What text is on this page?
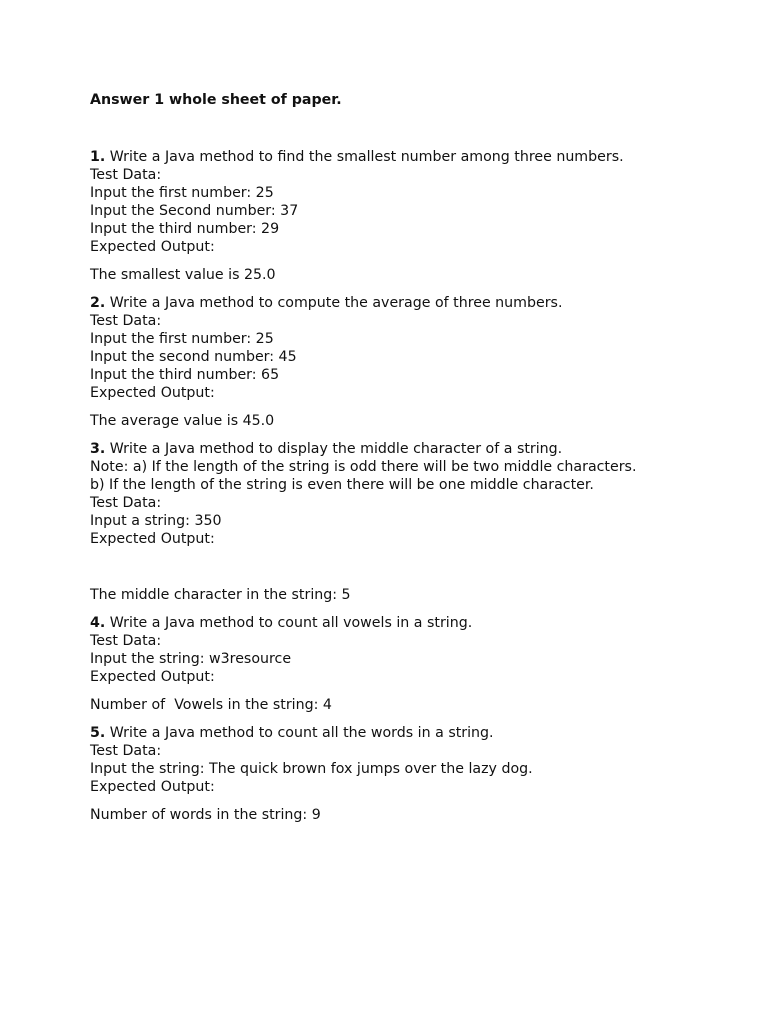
Answer 1 whole sheet of paper.
1. Write a Java method to find the smallest number among three numbers.
Test Data:
Input the first number: 25
Input the Second number: 37
Input the third number: 29
Expected Output:
The smallest value is 25.0
2. Write a Java method to compute the average of three numbers.
Test Data:
Input the first number: 25
Input the second number: 45
Input the third number: 65
Expected Output:
The average value is 45.0
3. Write a Java method to display the middle character of a string.
Note: a) If the length of the string is odd there will be two middle characters.
b) If the length of the string is even there will be one middle character.
Test Data:
Input a string: 350
Expected Output:
The middle character in the string: 5
4. Write a Java method to count all vowels in a string.
Test Data:
Input the string: w3resource
Expected Output:
Number of  Vowels in the string: 4
5. Write a Java method to count all the words in a string.
Test Data:
Input the string: The quick brown fox jumps over the lazy dog.
Expected Output:
Number of words in the string: 9
